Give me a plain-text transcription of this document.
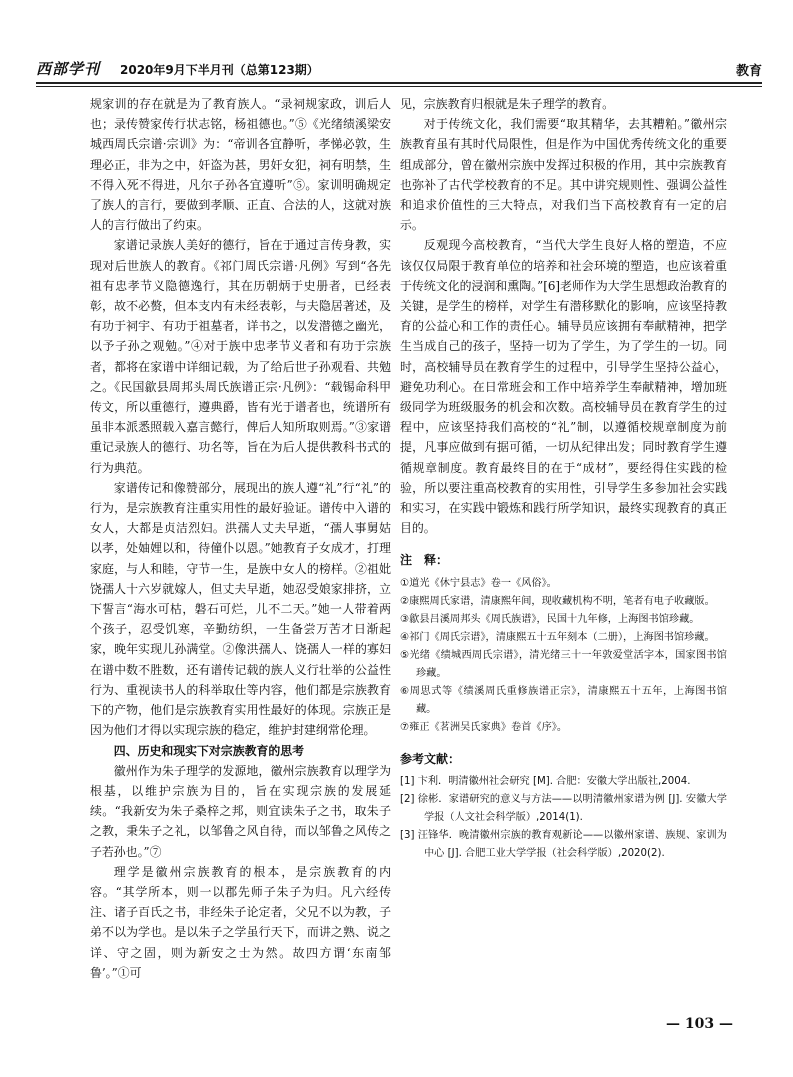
西部学刊 2020年9月下半月刊（总第123期）	教育

规家训的存在就是为了教育族人。“录祠规家政，训后人也；录传赞家传行状志铭，杨祖德也。”⑤《光绪绩溪梁安城西周氏宗谱·宗训》为：“帝训各宜静听，孝悌必敦，生理必正，非为之中，奸盗为甚，男奸女犯，祠有明禁，生不得入死不得进，凡尔子孙各宜遵听”⑤。家训明确规定了族人的言行，要做到孝顺、正直、合法的人，这就对族人的言行做出了约束。

家谱记录族人美好的德行，旨在于通过言传身教，实现对后世族人的教育。《祁门周氏宗谱·凡例》写到“各先祖有忠孝节义隐德逸行，其在历朝炳于史册者，已经表彰，故不必赘，但本支内有未经表彰，与夫隐居著述，及有功于祠宇、有功于祖墓者，详书之，以发潜德之幽光，以予子孙之观勉。”④对于族中忠孝节义者和有功于宗族者，都将在家谱中详细记载，为了给后世子孙观看、共勉之。《民国歙县周邦头周氏族谱正宗·凡例》：“载锡命科甲传文，所以重德行，遵典爵，皆有光于谱者也，统谱所有虽非本派悉照载入嘉言懿行，俾后人知所取则焉。”③家谱重记录族人的德行、功名等，旨在为后人提供教科书式的行为典范。

家谱传记和像赞部分，展现出的族人遵“礼”行“礼”的行为，是宗族教育注重实用性的最好验证。谱传中入谱的女人，大都是贞洁烈妇。洪孺人丈夫早逝，“孺人事舅姑以孝，处妯娌以和，待僮仆以恩。”她教育子女成才，打理家庭，与人和睦，守节一生，是族中女人的榜样。②祖妣饶孺人十六岁就嫁人，但丈夫早逝，她忍受娘家排挤，立下誓言“海水可枯，磐石可烂，儿不二天。”她一人带着两个孩子，忍受饥寒，辛勤纺织，一生备尝万苦才日渐起家，晚年实现儿孙满堂。②像洪孺人、饶孺人一样的寡妇在谱中数不胜数，还有谱传记载的族人义行壮举的公益性行为、重视读书人的科举取仕等内容，他们都是宗族教育下的产物，他们是宗族教育实用性最好的体现。宗族正是因为他们才得以实现宗族的稳定，维护封建纲常伦理。

四、历史和现实下对宗族教育的思考

徽州作为朱子理学的发源地，徽州宗族教育以理学为根基，以维护宗族为目的，旨在实现宗族的发展延续。“我新安为朱子桑梓之邦，则宜读朱子之书，取朱子之教，秉朱子之礼，以邹鲁之风自待，而以邹鲁之风传之子若孙也。”⑦

理学是徽州宗族教育的根本，是宗族教育的内容。“其学所本，则一以郡先师子朱子为归。凡六经传注、诸子百氏之书，非经朱子论定者，父兄不以为教，子弟不以为学也。是以朱子之学虽行天下，而讲之熟、说之详、守之固，则为新安之士为然。故四方谓‘东南邹鲁’。”①可

见，宗族教育归根就是朱子理学的教育。

对于传统文化，我们需要“取其精华，去其糟粕。”徽州宗族教育虽有其时代局限性，但是作为中国优秀传统文化的重要组成部分，曾在徽州宗族中发挥过积极的作用，其中宗族教育也弥补了古代学校教育的不足。其中讲究规则性、强调公益性和追求价值性的三大特点，对我们当下高校教育有一定的启示。

反观现今高校教育，“当代大学生良好人格的塑造，不应该仅仅局限于教育单位的培养和社会环境的塑造，也应该着重于传统文化的浸润和熏陶。”[6]老师作为大学生思想政治教育的关键，是学生的榜样，对学生有潜移默化的影响，应该坚持教育的公益心和工作的责任心。辅导员应该拥有奉献精神，把学生当成自己的孩子，坚持一切为了学生，为了学生的一切。同时，高校辅导员在教育学生的过程中，引导学生坚持公益心，避免功利心。在日常班会和工作中培养学生奉献精神，增加班级同学为班级服务的机会和次数。高校辅导员在教育学生的过程中，应该坚持我们高校的“礼”制，以遵循校规章制度为前提，凡事应做到有据可循，一切从纪律出发；同时教育学生遵循规章制度。教育最终目的在于“成材”，要经得住实践的检验，所以要注重高校教育的实用性，引导学生多参加社会实践和实习，在实践中锻炼和践行所学知识，最终实现教育的真正目的。

注　释：
①道光《休宁县志》卷一《风俗》。
②康熙周氏家谱，清康熙年间，现收藏机构不明，笔者有电子收藏版。
③歙县吕溪周邦头《周氏族谱》，民国十九年修，上海图书馆珍藏。
④祁门《周氏宗谱》，清康熙五十五年刻本（二册），上海图书馆珍藏。
⑤光绪《绩城西周氏宗谱》，清光绪三十一年敦爱堂活字本，国家图书馆珍藏。
⑥周思式等《绩溪周氏重修族谱正宗》，清康熙五十五年，上海图书馆藏。
⑦雍正《茗洲吴氏家典》卷首《序》。
参考文献：
[1] 卞利．明清徽州社会研究 [M]. 合肥：安徽大学出版社,2004.
[2] 徐彬．家谱研究的意义与方法——以明清徽州家谱为例 [J]. 安徽大学学报（人文社会科学版）,2014(1).
[3] 汪锋华．晚清徽州宗族的教育观新论——以徽州家谱、族规、家训为中心 [J]. 合肥工业大学学报（社会科学版）,2020(2).
— 103 —
